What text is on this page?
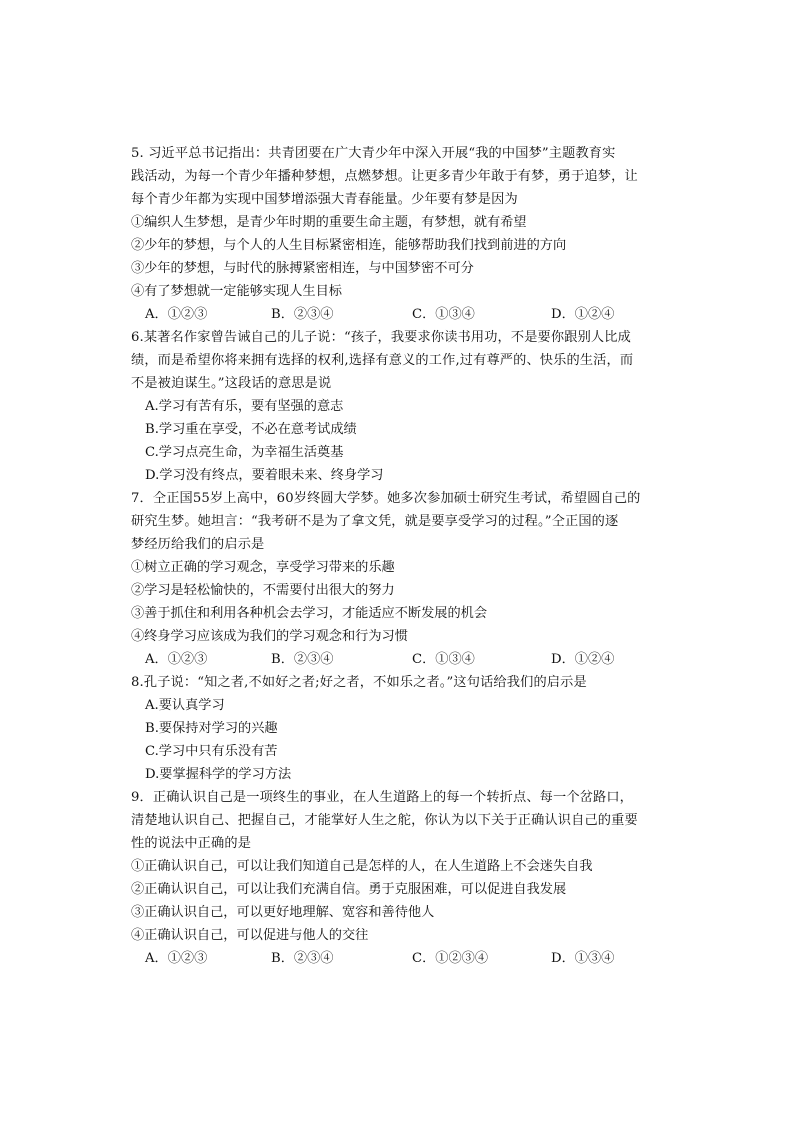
5. 习近平总书记指出：共青团要在广大青少年中深入开展“我的中国梦”主题教育实
践活动，为每一个青少年播种梦想，点燃梦想。让更多青少年敢于有梦，勇于追梦，让
每个青少年都为实现中国梦增添强大青春能量。少年要有梦是因为
①编织人生梦想，是青少年时期的重要生命主题，有梦想，就有希望
②少年的梦想，与个人的人生目标紧密相连，能够帮助我们找到前进的方向
③少年的梦想，与时代的脉搏紧密相连，与中国梦密不可分
④有了梦想就一定能够实现人生目标
A．①②③	B．②③④	C．①③④	D．①②④
6.某著名作家曾告诫自己的儿子说：“孩子，我要求你读书用功，不是要你跟别人比成
绩，而是希望你将来拥有选择的权利,选择有意义的工作,过有尊严的、快乐的生活，而
不是被迫谋生。”这段话的意思是说
A.学习有苦有乐，要有坚强的意志
B.学习重在享受，不必在意考试成绩
C.学习点亮生命，为幸福生活奠基
D.学习没有终点，要着眼未来、终身学习
7．仝正国55岁上高中，60岁终圆大学梦。她多次参加硕士研究生考试，希望圆自己的
研究生梦。她坦言：“我考研不是为了拿文凭，就是要享受学习的过程。”仝正国的逐
梦经历给我们的启示是
①树立正确的学习观念，享受学习带来的乐趣
②学习是轻松愉快的，不需要付出很大的努力
③善于抓住和利用各种机会去学习，才能适应不断发展的机会
④终身学习应该成为我们的学习观念和行为习惯
A．①②③	B．②③④	C．①③④	D．①②④
8.孔子说：“知之者,不如好之者;好之者，不如乐之者。”这句话给我们的启示是
A.要认真学习
B.要保持对学习的兴趣
C.学习中只有乐没有苦
D.要掌握科学的学习方法
9．正确认识自己是一项终生的事业，在人生道路上的每一个转折点、每一个岔路口，
清楚地认识自己、把握自己，才能掌好人生之舵，你认为以下关于正确认识自己的重要
性的说法中正确的是
①正确认识自己，可以让我们知道自己是怎样的人，在人生道路上不会迷失自我
②正确认识自己，可以让我们充满自信。勇于克服困难，可以促进自我发展
③正确认识自己，可以更好地理解、宽容和善待他人
④正确认识自己，可以促进与他人的交往
A．①②③	B．②③④	C．①②③④	D．①③④
